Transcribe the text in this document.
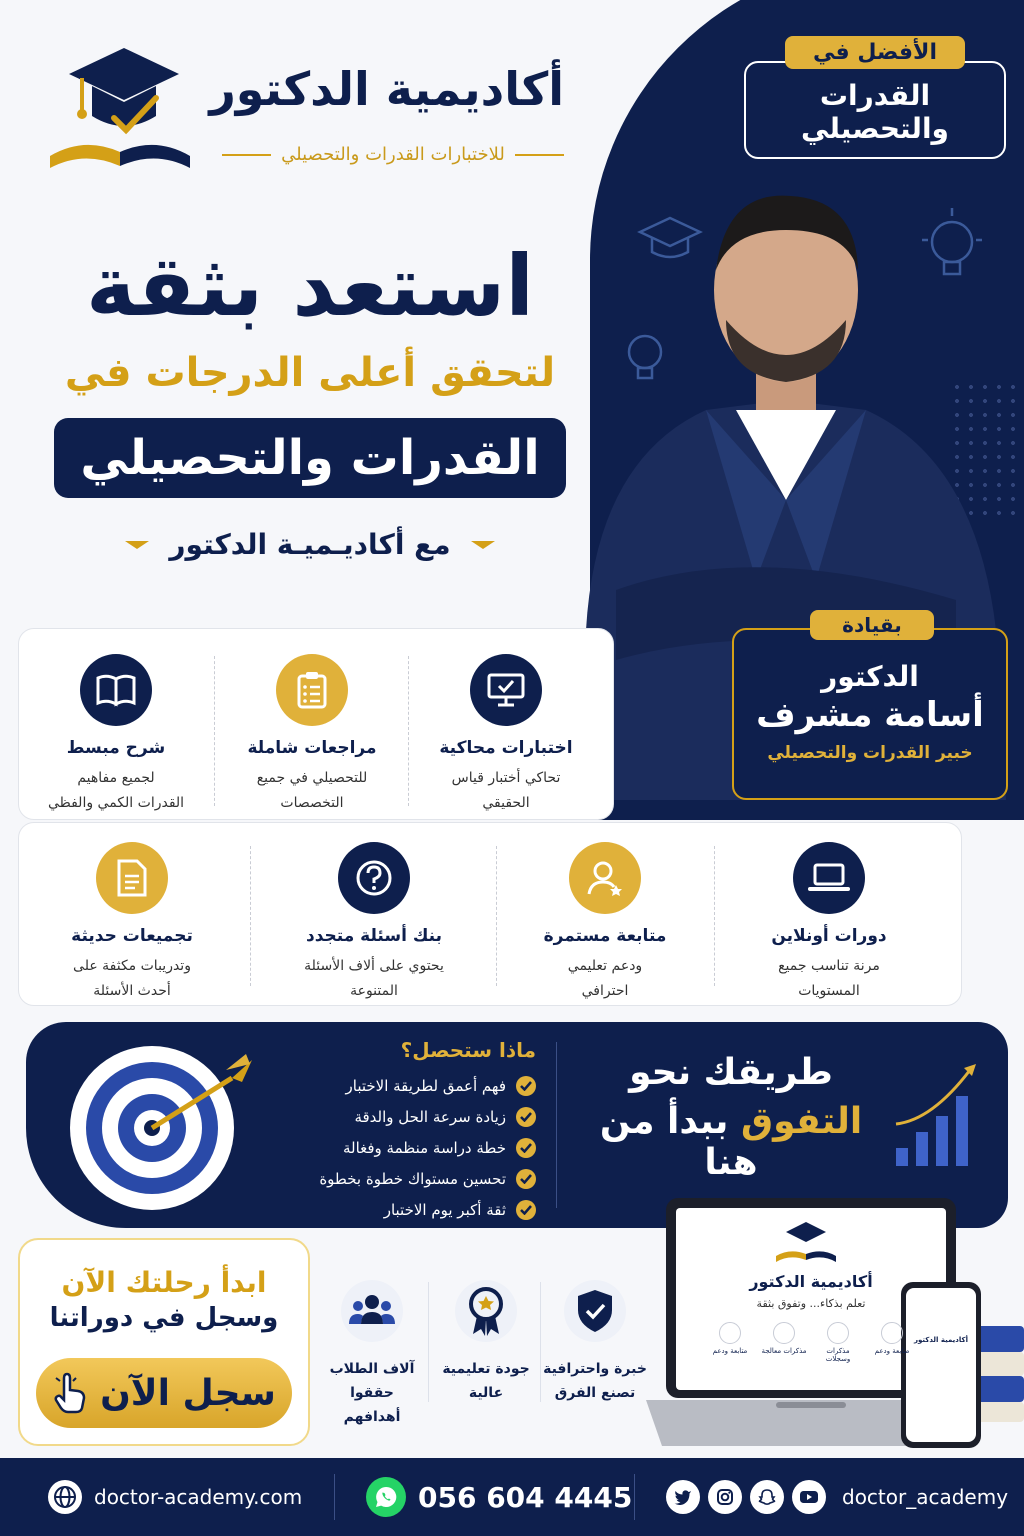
الأفضل في
القدرات والتحصيلي
أكاديمية الدكتور
للاختبارات القدرات والتحصيلي
استعد بثقة
لتحقق أعلى الدرجات في
القدرات والتحصيلي
مع أكاديـميـة الدكتور
بقيادة
الدكتور
أسامة مشرف
خبير القدرات والتحصيلي
اختبارات محاكية
تحاكي أختبار قياس
الحقيقي
مراجعات شاملة
للتحصيلي في جميع
التخصصات
شرح مبسط
لجميع مفاهيم
القدرات الكمي والفظي
دورات أونلاين
مرنة تناسب جميع
المستويات
متابعة مستمرة
ودعم تعليمي
احترافي
بنك أسئلة متجدد
يحتوي على ألاف الأسئلة
المتنوعة
تجميعات حديثة
وتدريبات مكثفة على
أحدث الأسئلة
ماذا ستحصل؟
فهم أعمق لطريقة الاختبار
زيادة سرعة الحل والدقة
خطة دراسة منظمة وفغالة
تحسين مستواك خطوة بخطوة
ثقة أكبر يوم الاختبار
طريقك نحو
التفوق ببدأ من هنا
ابدأ رحلتك الآن
وسجل في دوراتنا
سجل الآن
خبرة واحترافية
تصنع الفرق
جودة تعليمية
عالية
آلاف الطلاب
حققوا أهدافهم
أكاديمية الدكتور
تعلم بذكاء... وتفوق بثقة
متابعة ودعم
مذكرات وسجلات
مذكرات معالجة
متابعة ودعم
أكاديمية الدكتور
doctor-academy.com	056 604 4445	doctor_academy
